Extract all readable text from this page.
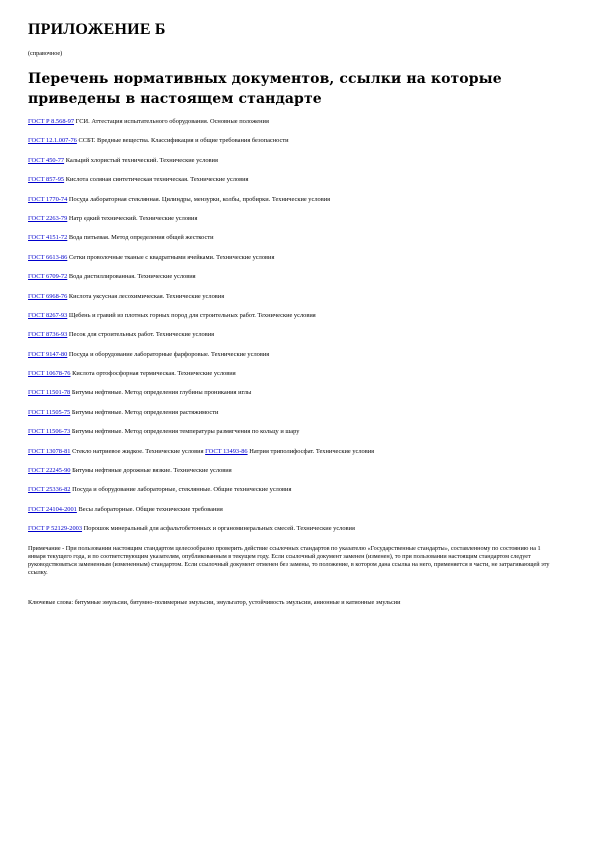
ПРИЛОЖЕНИЕ Б

(справочное)

Перечень нормативных документов, ссылки на которые приведены в настоящем стандарте
ГОСТ Р 8.568-97 ГСИ. Аттестация испытательного оборудования. Основные положения
ГОСТ 12.1.007-76 ССБТ. Вредные вещества. Классификация и общие требования безопасности
ГОСТ 450-77 Кальций хлористый технический. Технические условия
ГОСТ 857-95 Кислота соляная синтетическая техническая. Технические условия
ГОСТ 1770-74 Посуда лабораторная стеклянная. Цилиндры, мензурки, колбы, пробирки. Технические условия
ГОСТ 2263-79 Натр едкий технический. Технические условия
ГОСТ 4151-72 Вода питьевая. Метод определения общей жесткости
ГОСТ 6613-86 Сетки проволочные тканые с квадратными ячейками. Технические условия
ГОСТ 6709-72 Вода дистиллированная. Технические условия
ГОСТ 6968-76 Кислота уксусная лесохимическая. Технические условия
ГОСТ 8267-93 Щебень и гравий из плотных горных пород для строительных работ. Технические условия
ГОСТ 8736-93 Песок для строительных работ. Технические условия
ГОСТ 9147-80 Посуда и оборудование лабораторные фарфоровые. Технические условия
ГОСТ 10678-76 Кислота ортофосфорная термическая. Технические условия
ГОСТ 11501-78 Битумы нефтяные. Метод определения глубины проникания иглы
ГОСТ 11505-75 Битумы нефтяные. Метод определения растяжимости
ГОСТ 11506-73 Битумы нефтяные. Метод определения температуры размягчения по кольцу и шару
ГОСТ 13078-81 Стекло натриевое жидкое. Технические условия ГОСТ 13493-86 Натрия триполифосфат. Технические условия
ГОСТ 22245-90 Битумы нефтяные дорожные вязкие. Технические условия
ГОСТ 25336-82 Посуда и оборудование лабораторные, стеклянные. Общие технические условия
ГОСТ 24104-2001 Весы лабораторные. Общие технические требования
ГОСТ Р 52129-2003 Порошок минеральный для асфальтобетонных и органоминеральных смесей. Технические условия

Примечание - При пользовании настоящим стандартом целесообразно проверить действие ссылочных стандартов по указателю «Государственные стандарты», составленному по состоянию на 1 января текущего года, и по соответствующим указателям, опубликованным в текущем году. Если ссылочный документ заменен (изменен), то при пользовании настоящим стандартом следует руководствоваться замененным (измененным) стандартом. Если ссылочный документ отменен без замены, то положение, в котором дана ссылка на него, применяется в части, не затрагивающей эту ссылку.

Ключевые слова: битумные эмульсии, битумно-полимерные эмульсии, эмульгатор, устойчивость эмульсии, анионные и катионные эмульсии
